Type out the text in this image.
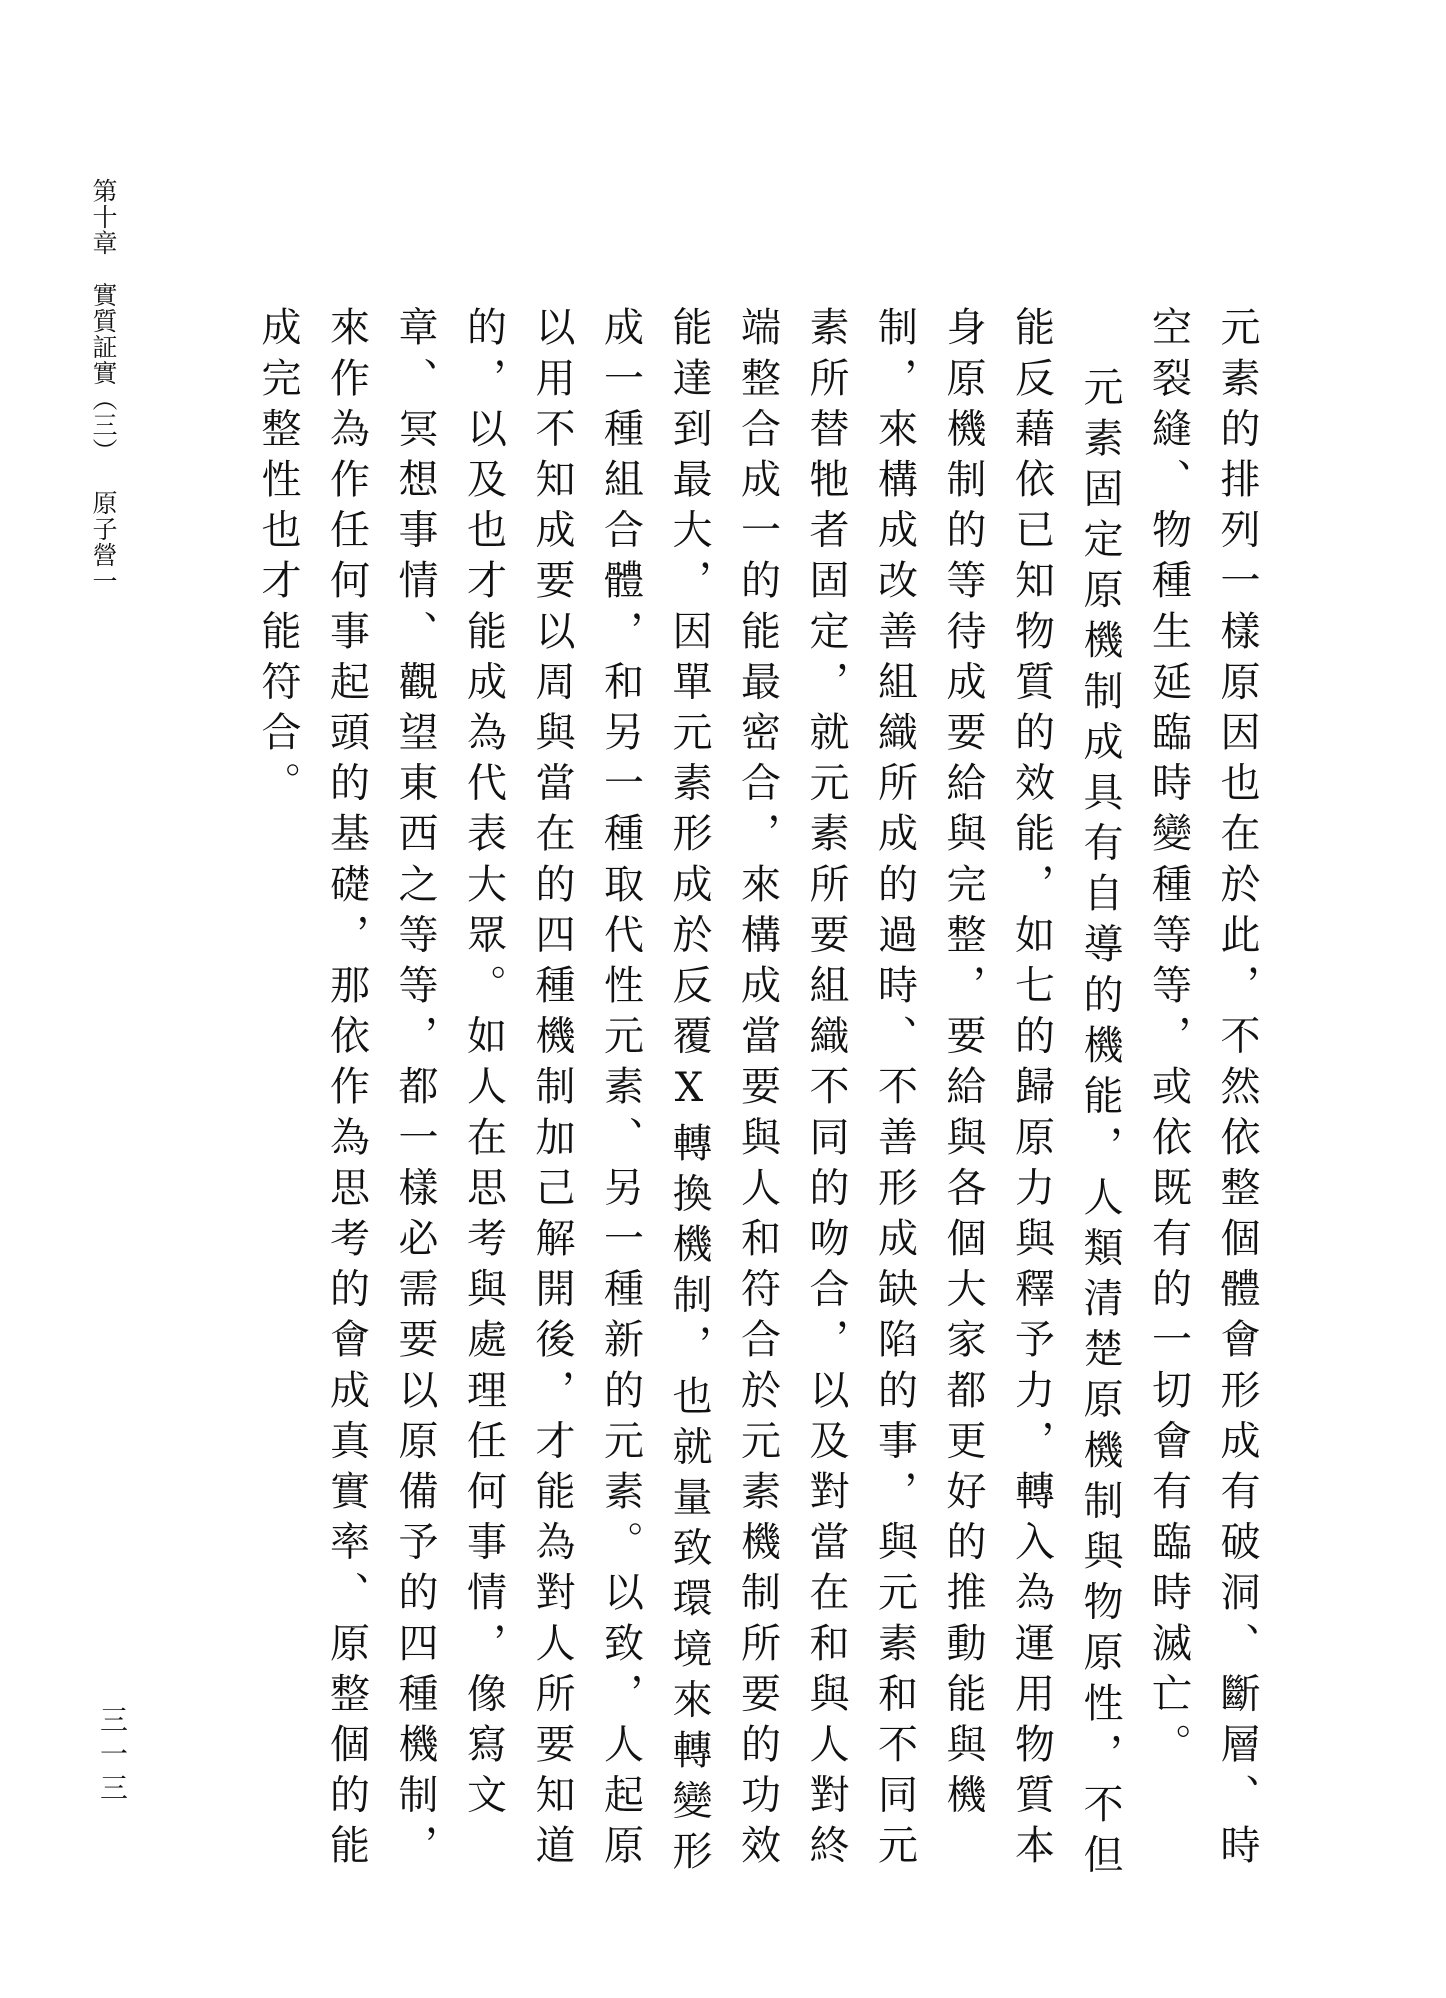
第十章實質証實（三）原子營一
三一三	元素的排列一樣原因也在於此，不然依整個體會形成有破洞、斷層、時空裂縫、物種生延臨時變種等等，或依既有的一切會有臨時滅亡。

元素固定原機制成具有自導的機能，人類清楚原機制與物原性，不但能反藉依已知物質的效能，如七的歸原力與釋予力，轉入為運用物質本身原機制的等待成要給與完整，要給與各個大家都更好的推動能與機制，來構成改善組織所成的過時、不善形成缺陷的事，與元素和不同元素所替牠者固定，就元素所要組織不同的吻合，以及對當在和與人對終端整合成一的能最密合，來構成當要與人和符合於元素機制所要的功效能達到最大，因單元素形成於反覆X轉換機制，也就量致環境來轉變形成一種組合體，和另一種取代性元素、另一種新的元素。以致，人起原以用不知成要以周與當在的四種機制加己解開後，才能為對人所要知道的，以及也才能成為代表大眾。如人在思考與處理任何事情，像寫文章、冥想事情、觀望東西之等等，都一樣必需要以原備予的四種機制，來作為作任何事起頭的基礎，那依作為思考的會成真實率、原整個的能成完整性也才能符合。
